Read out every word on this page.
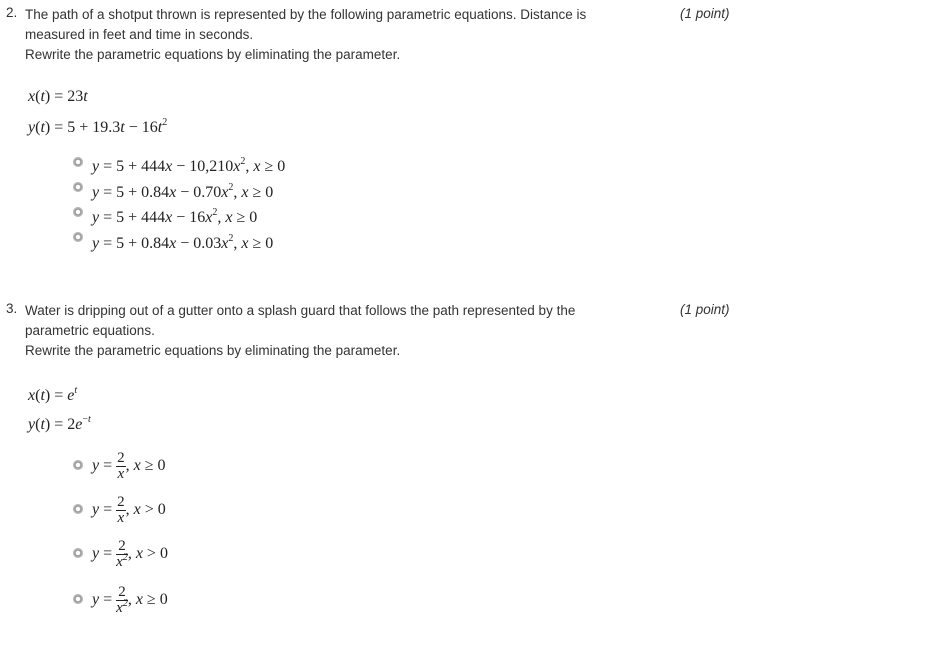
2. The path of a shotput thrown is represented by the following parametric equations. Distance is
measured in feet and time in seconds.
Rewrite the parametric equations by eliminating the parameter.
(1 point)
x(t) = 23t
$y(t) = 5 + 19.3t - 16t^2$
$y = 5 + 444x - 10,210x^2$, x ≥ 0
$y = 5 + 0.84x - 0.70x^2$, x ≥ 0
$y = 5 + 444x - 16x^2$, x ≥ 0
$y = 5 + 0.84x - 0.03x^2$, x ≥ 0
3. Water is dripping out of a gutter onto a splash guard that follows the path represented by the
parametric equations.
Rewrite the parametric equations by eliminating the parameter.
(1 point)
$x(t) = e^t$
$y(t) = 2e^{-t}$
$y = \frac{2}{x}$ , x ≥ 0
$y = \frac{2}{x}$ , x > 0
$y = \frac{2}{x^2}$ , x > 0
$y = \frac{2}{x^2}$ , x ≥ 0
